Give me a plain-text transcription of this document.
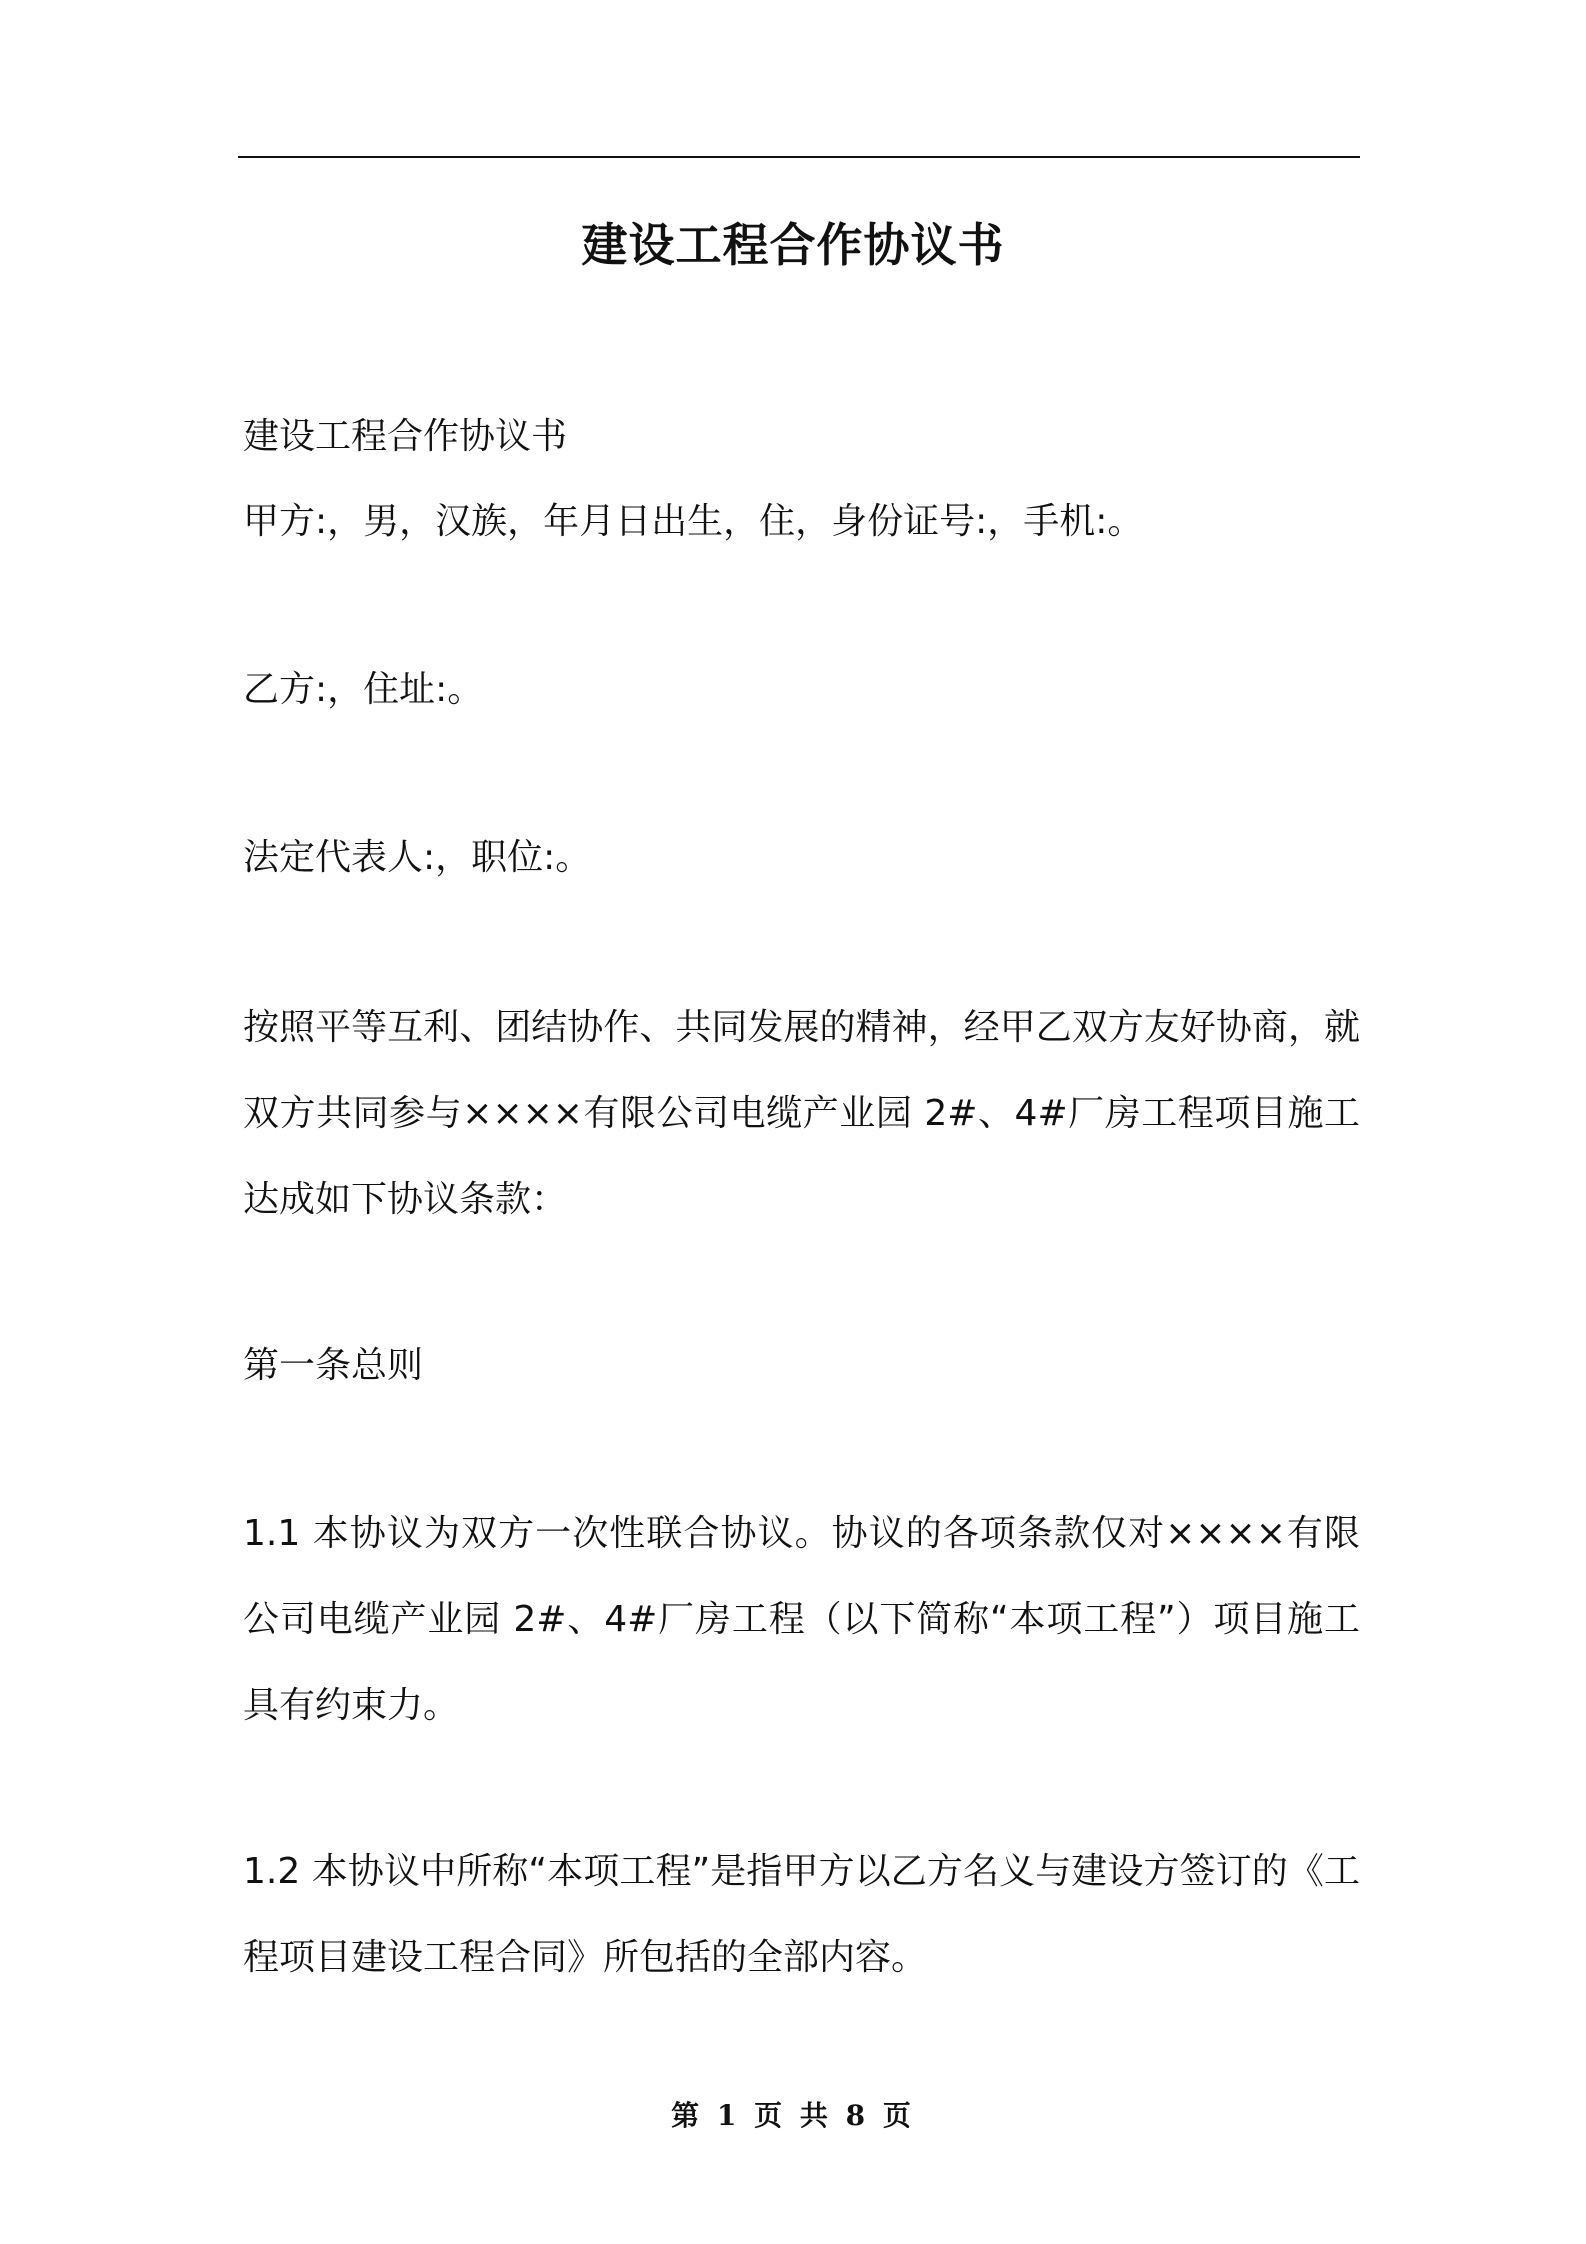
建设工程合作协议书

建设工程合作协议书

甲方:，男，汉族，年月日出生，住，身份证号:，手机:。

乙方:，住址:。

法定代表人:，职位:。

按照平等互利、团结协作、共同发展的精神，经甲乙双方友好协商，就双方共同参与××××有限公司电缆产业园 2#、4#厂房工程项目施工达成如下协议条款：

第一条总则

1.1 本协议为双方一次性联合协议。协议的各项条款仅对××××有限公司电缆产业园 2#、4#厂房工程（以下简称“本项工程”）项目施工具有约束力。

1.2 本协议中所称“本项工程”是指甲方以乙方名义与建设方签订的《工程项目建设工程合同》所包括的全部内容。

第 1 页 共 8 页
